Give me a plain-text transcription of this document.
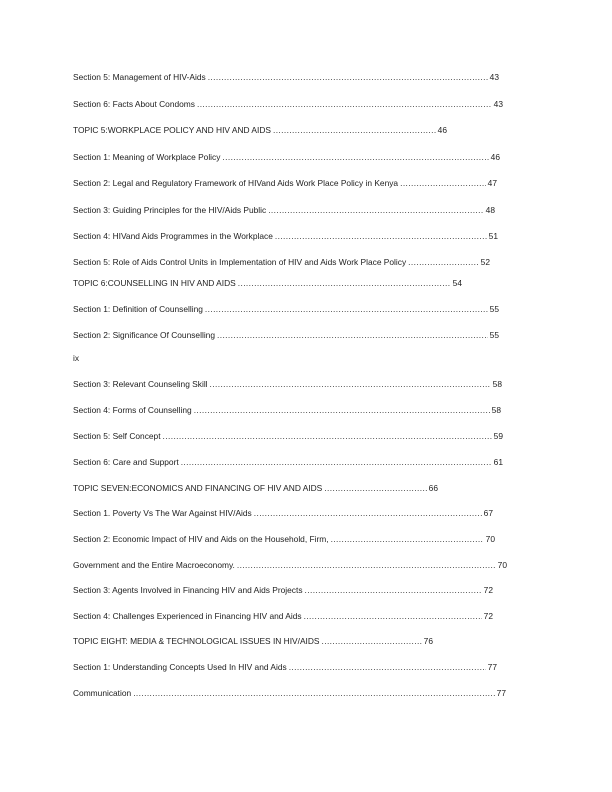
Section 5: Management of HIV-Aids .....	43
Section 6: Facts About Condoms .....	43
TOPIC 5:WORKPLACE POLICY AND HIV AND AIDS .....	46
Section 1: Meaning of Workplace Policy .....	46
Section 2: Legal and Regulatory Framework of HIVand Aids Work Place Policy in Kenya .....	47
Section 3: Guiding Principles for the HIV/Aids Public .....	48
Section 4: HIVand Aids Programmes in the Workplace .....	51
Section 5: Role of Aids Control Units in Implementation of HIV and Aids Work Place Policy .....	52
TOPIC 6:COUNSELLING IN HIV AND AIDS .....	54
Section 1: Definition of Counselling .....	55
Section 2: Significance Of Counselling .....	55
Section 3: Relevant Counseling Skill .....	58
Section 4: Forms of Counselling .....	58
Section 5: Self Concept .....	59
Section 6: Care and Support .....	61
TOPIC SEVEN:ECONOMICS AND FINANCING OF HIV AND AIDS .....	66
Section 1. Poverty Vs The War Against HIV/Aids .....	67
Section 2: Economic Impact of HIV and Aids on the Household, Firm, .....	70
Government and the Entire Macroeconomy. .....	70
Section 3: Agents Involved in Financing HIV and Aids Projects .....	72
Section 4: Challenges Experienced in Financing HIV and Aids .....	72
TOPIC EIGHT: MEDIA & TECHNOLOGICAL ISSUES IN HIV/AIDS .....	76
Section 1: Understanding Concepts Used In HIV and Aids .....	77
Communication .....	77
ix
